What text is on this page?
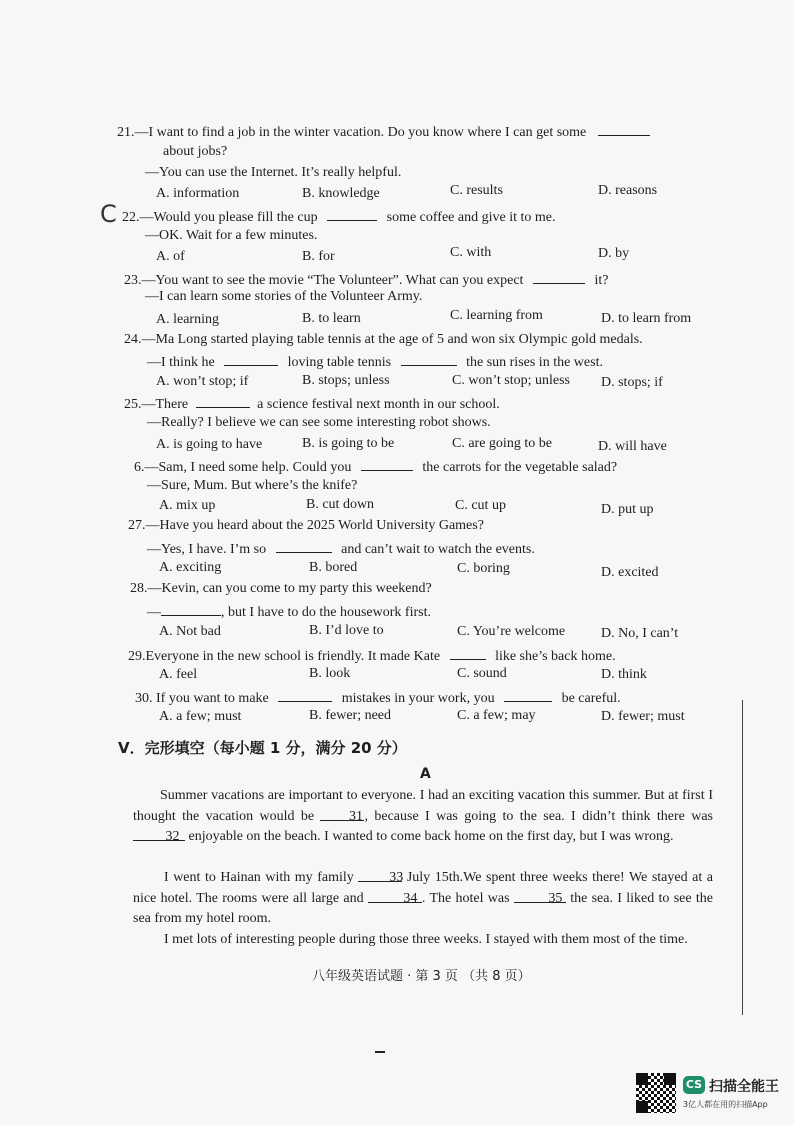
21.—I want to find a job in the winter vacation. Do you know where I can get some
about jobs?
—You can use the Internet. It’s really helpful.
A. information	B. knowledge	C. results	D. reasons
C 22.—Would you please fill the cup	some coffee and give it to me.
—OK. Wait for a few minutes.
A. of	B. for	C. with	D. by
23.—You want to see the movie “The Volunteer”. What can you expect	it?
—I can learn some stories of the Volunteer Army.
A. learning	B. to learn	C. learning from	D. to learn from
24.—Ma Long started playing table tennis at the age of 5 and won six Olympic gold medals.
—I think he	loving table tennis	the sun rises in the west.
A. won’t stop; if	B. stops; unless	C. won’t stop; unless D. stops; if
25.—There	a science festival next month in our school.
—Really? I believe we can see some interesting robot shows.
A. is going to have	B. is going to be	C. are going to be	D. will have
6.—Sam, I need some help. Could you	the carrots for the vegetable salad?
—Sure, Mum. But where’s the knife?
A. mix up	B. cut down	C. cut up	D. put up
27.—Have you heard about the 2025 World University Games?
—Yes, I have. I’m so	and can’t wait to watch the events.
A. exciting	B. bored	C. boring	D. excited
28.—Kevin, can you come to my party this weekend?
—	, but I have to do the housework first.
A. Not bad	B. I’d love to	C. You’re welcome	D. No, I can’t
29.Everyone in the new school is friendly. It made Kate	like she’s back home.
A. feel	B. look	C. sound	D. think
30. If you want to make	mistakes in your work, you	be careful.
A. a few; must	B. fewer; need	C. a few; may	D. fewer; must
V．完形填空（每小题 1 分，满分 20 分）
A
Summer vacations are important to everyone. I had an exciting vacation this summer. But at first I thought the vacation would be 31 , because I was going to the sea. I didn’t think there was 32 enjoyable on the beach. I wanted to come back home on the first day, but I was wrong.
I went to Hainan with my family	33 July 15th.We spent three weeks there! We stayed at a nice hotel. The rooms were all large and	34 . The hotel was	35 the sea. I liked to see the sea from my hotel room.
I met lots of interesting people during those three weeks. I stayed with them most of the time.
八年级英语试题 · 第 3 页 （共 8 页）
CS 扫描全能王
3亿人都在用的扫描App
